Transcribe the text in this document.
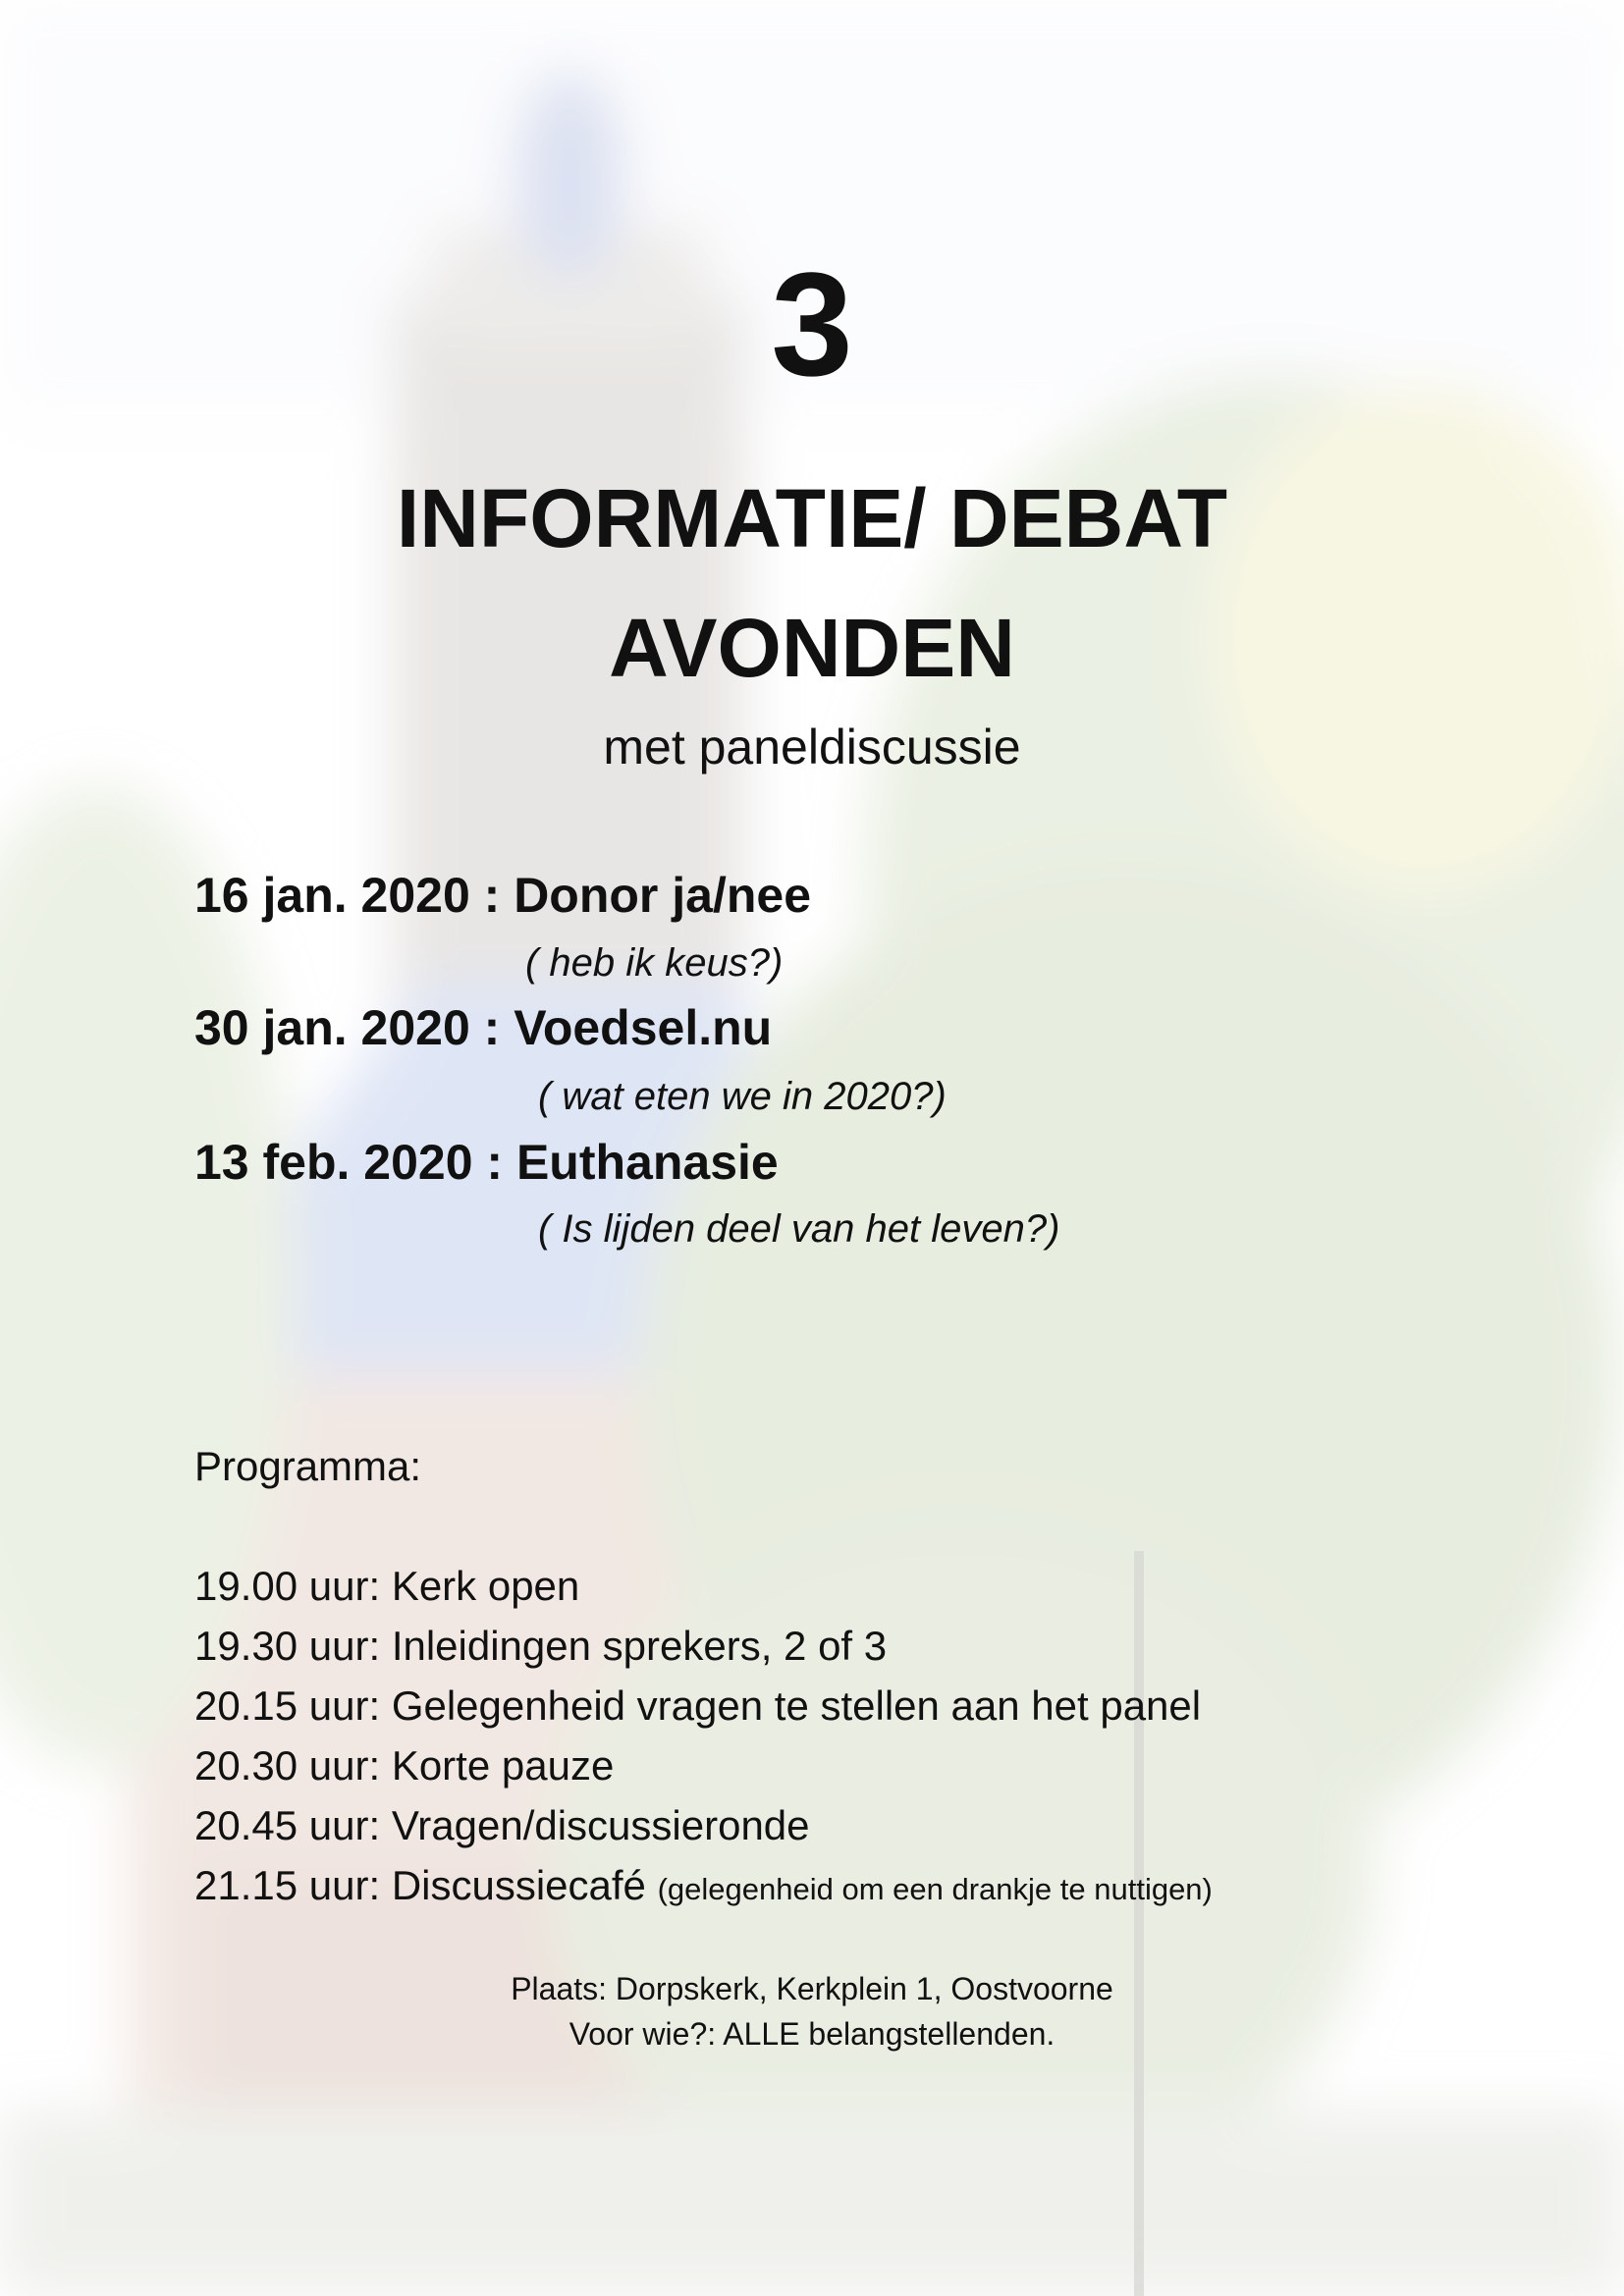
3
INFORMATIE/ DEBAT
AVONDEN
met paneldiscussie
16 jan. 2020 : Donor ja/nee
( heb ik keus?)
30 jan. 2020 : Voedsel.nu
( wat eten we in 2020?)
13 feb. 2020 : Euthanasie
( Is lijden deel van het leven?)
Programma:
19.00 uur: Kerk open
19.30 uur: Inleidingen sprekers, 2 of 3
20.15 uur: Gelegenheid vragen te stellen aan het panel
20.30 uur: Korte pauze
20.45 uur: Vragen/discussieronde
21.15 uur: Discussiecafé (gelegenheid om een drankje te nuttigen)
Plaats: Dorpskerk, Kerkplein 1, Oostvoorne
Voor wie?: ALLE belangstellenden.
